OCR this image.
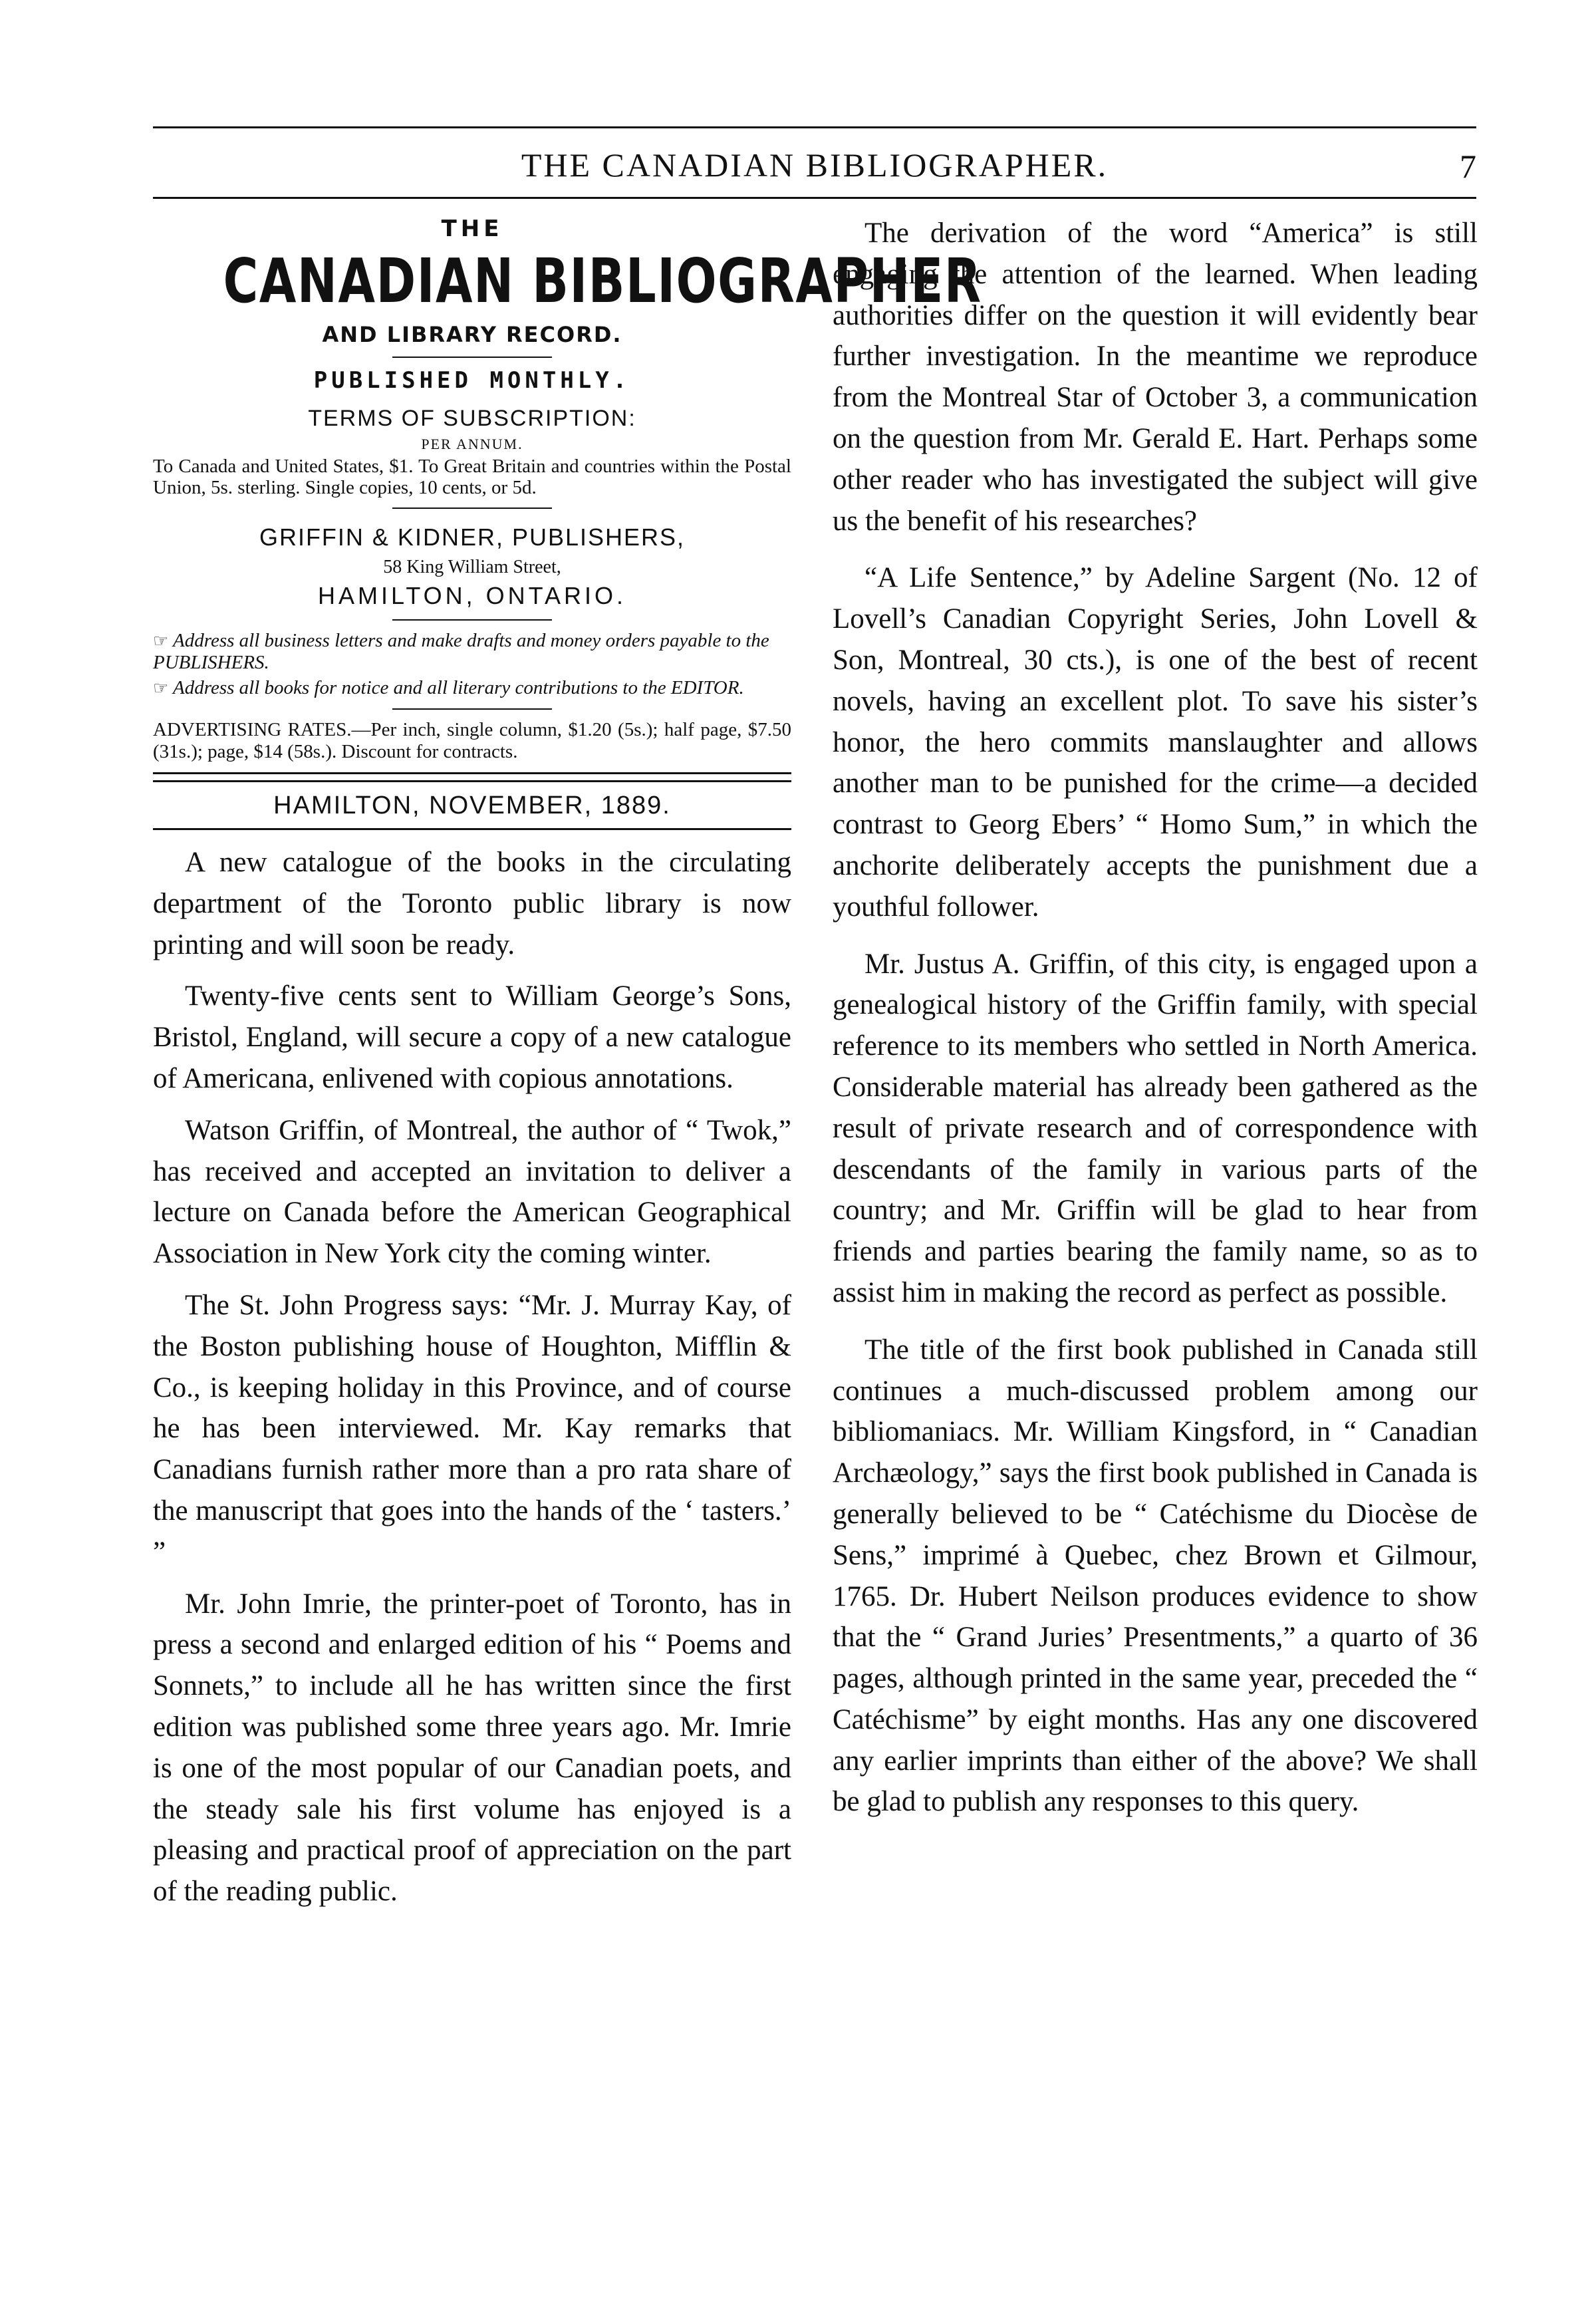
THE CANADIAN BIBLIOGRAPHER.	7
THE
CANADIAN BIBLIOGRAPHER
AND LIBRARY RECORD.
PUBLISHED MONTHLY.
TERMS OF SUBSCRIPTION:
PER ANNUM.
To Canada and United States, $1. To Great Britain and countries within the Postal Union, 5s. sterling. Single copies, 10 cents, or 5d.
GRIFFIN & KIDNER, PUBLISHERS,
58 King William Street,
HAMILTON, ONTARIO.
☞ Address all business letters and make drafts and money orders payable to the PUBLISHERS.
☞ Address all books for notice and all literary contributions to the EDITOR.
ADVERTISING RATES.—Per inch, single column, $1.20 (5s.); half page, $7.50 (31s.); page, $14 (58s.). Discount for contracts.
HAMILTON, NOVEMBER, 1889.

A new catalogue of the books in the circulating department of the Toronto public library is now printing and will soon be ready.

Twenty-five cents sent to William George’s Sons, Bristol, England, will secure a copy of a new catalogue of Americana, enlivened with copious annotations.

Watson Griffin, of Montreal, the author of “ Twok,” has received and accepted an invitation to deliver a lecture on Canada before the American Geographical Association in New York city the coming winter.

The St. John Progress says: “Mr. J. Murray Kay, of the Boston publishing house of Houghton, Mifflin & Co., is keeping holiday in this Province, and of course he has been interviewed. Mr. Kay remarks that Canadians furnish rather more than a pro rata share of the manuscript that goes into the hands of the ‘ tasters.’ ”

Mr. John Imrie, the printer-poet of Toronto, has in press a second and enlarged edition of his “ Poems and Sonnets,” to include all he has written since the first edition was published some three years ago. Mr. Imrie is one of the most popular of our Canadian poets, and the steady sale his first volume has enjoyed is a pleasing and practical proof of appreciation on the part of the reading public.

The derivation of the word “America” is still engaging the attention of the learned. When leading authorities differ on the question it will evidently bear further investigation. In the meantime we reproduce from the Montreal Star of October 3, a communication on the question from Mr. Gerald E. Hart. Perhaps some other reader who has investigated the subject will give us the benefit of his researches?

“A Life Sentence,” by Adeline Sargent (No. 12 of Lovell’s Canadian Copyright Series, John Lovell & Son, Montreal, 30 cts.), is one of the best of recent novels, having an excellent plot. To save his sister’s honor, the hero commits manslaughter and allows another man to be punished for the crime—a decided contrast to Georg Ebers’ “ Homo Sum,” in which the anchorite deliberately accepts the punishment due a youthful follower.

Mr. Justus A. Griffin, of this city, is engaged upon a genealogical history of the Griffin family, with special reference to its members who settled in North America. Considerable material has already been gathered as the result of private research and of correspondence with descendants of the family in various parts of the country; and Mr. Griffin will be glad to hear from friends and parties bearing the family name, so as to assist him in making the record as perfect as possible.

The title of the first book published in Canada still continues a much-discussed problem among our bibliomaniacs. Mr. William Kingsford, in “ Canadian Archæology,” says the first book published in Canada is generally believed to be “ Catéchisme du Diocèse de Sens,” imprimé à Quebec, chez Brown et Gilmour, 1765. Dr. Hubert Neilson produces evidence to show that the “ Grand Juries’ Presentments,” a quarto of 36 pages, although printed in the same year, preceded the “ Catéchisme” by eight months. Has any one discovered any earlier imprints than either of the above? We shall be glad to publish any responses to this query.
